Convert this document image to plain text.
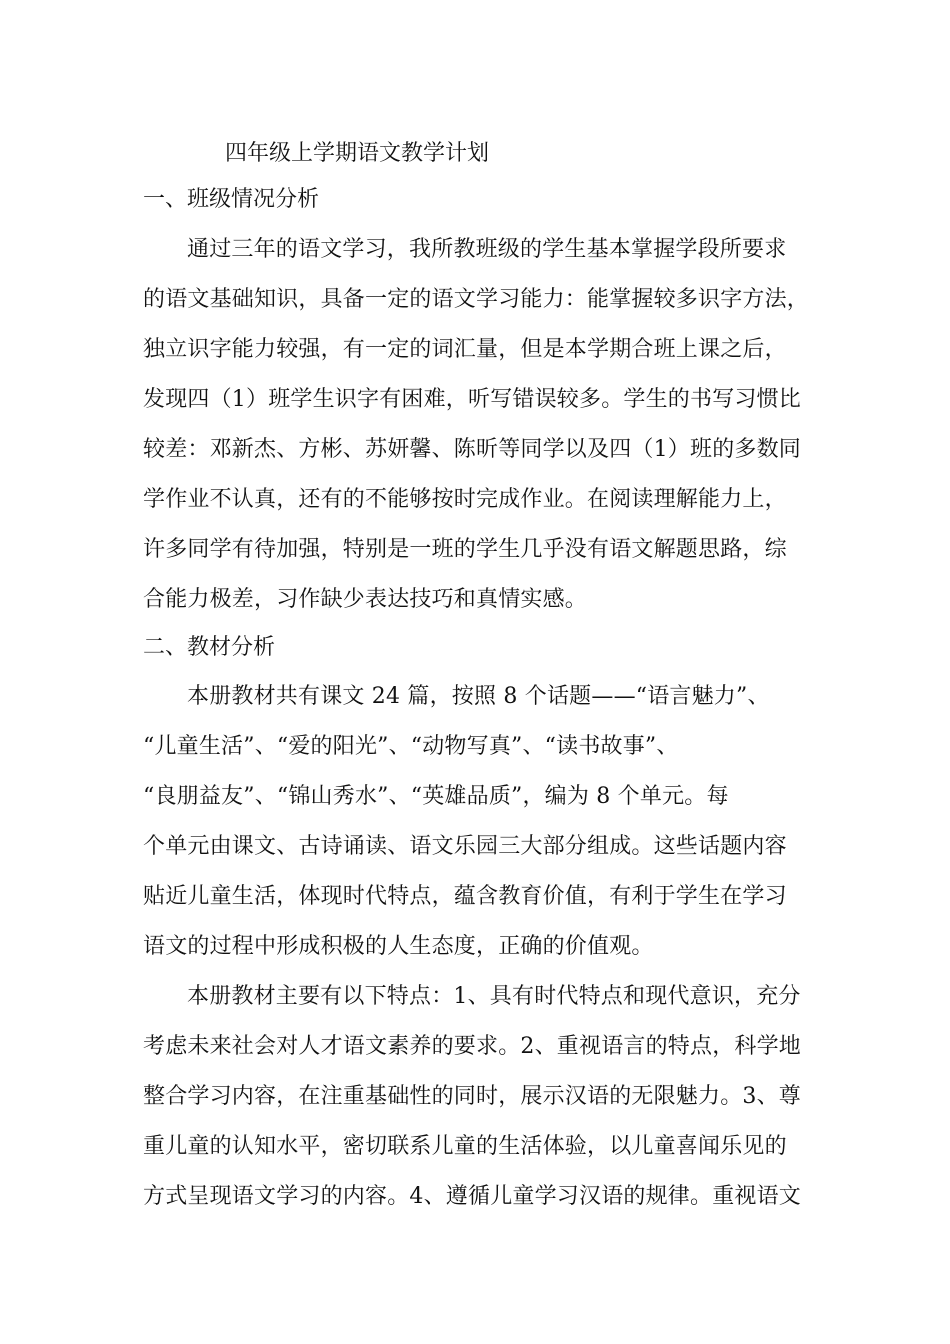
四年级上学期语文教学计划
一、班级情况分析
通过三年的语文学习，我所教班级的学生基本掌握学段所要求
的语文基础知识，具备一定的语文学习能力：能掌握较多识字方法，
独立识字能力较强，有一定的词汇量，但是本学期合班上课之后，
发现四（1）班学生识字有困难，听写错误较多。学生的书写习惯比
较差：邓新杰、方彬、苏妍馨、陈昕等同学以及四（1）班的多数同
学作业不认真，还有的不能够按时完成作业。在阅读理解能力上，
许多同学有待加强，特别是一班的学生几乎没有语文解题思路，综
合能力极差，习作缺少表达技巧和真情实感。
二、教材分析
本册教材共有课文 24 篇，按照 8 个话题——“语言魅力”、
“儿童生活”、“爱的阳光”、“动物写真”、“读书故事”、
“良朋益友”、“锦山秀水”、“英雄品质”，编为 8 个单元。每
个单元由课文、古诗诵读、语文乐园三大部分组成。这些话题内容
贴近儿童生活，体现时代特点，蕴含教育价值，有利于学生在学习
语文的过程中形成积极的人生态度，正确的价值观。
本册教材主要有以下特点：1、具有时代特点和现代意识，充分
考虑未来社会对人才语文素养的要求。2、重视语言的特点，科学地
整合学习内容，在注重基础性的同时，展示汉语的无限魅力。3、尊
重儿童的认知水平，密切联系儿童的生活体验，以儿童喜闻乐见的
方式呈现语文学习的内容。4、遵循儿童学习汉语的规律。重视语文
